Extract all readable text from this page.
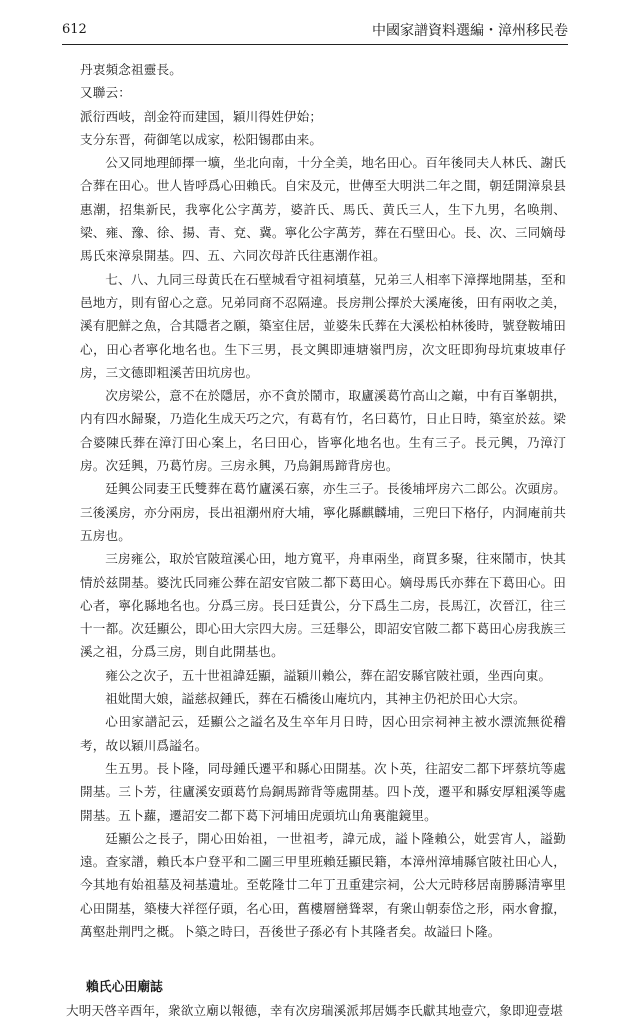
612	中國家譜資料選編・漳州移民卷

丹衷頻念祖靈長。

又聯云：

派衍西岐，剖金符而建国，穎川得姓伊始；

支分东晋，荷御笔以成家，松阳锡郡由来。

公又同地理師擇一壙，坐北向南，十分全美，地名田心。百年後同夫人林氏、謝氏合葬在田心。世人皆呼爲心田賴氏。自宋及元，世傳至大明洪二年之間，朝廷開漳泉县惠潮，招集新民，我寧化公字萬芳，婆許氏、馬氏、黄氏三人，生下九男，名唤荆、梁、雍、豫、徐、揚、青、兗、冀。寧化公字萬芳，葬在石壁田心。長、次、三同嫡母馬氏來漳泉開基。四、五、六同次母許氏往惠潮作祖。

七、八、九同三母黄氏在石壁城看守祖祠墳墓，兄弟三人相率下漳擇地開基，至和邑地方，則有留心之意。兄弟同商不忍隔違。長房荆公擇於大溪庵後，田有兩收之美，溪有肥鮮之魚，合其隱者之願，築室住居，並婆朱氏葬在大溪松柏林後時，號登鞍埔田心，田心者寧化地名也。生下三男，長文興即連塘嶺門房，次文旺即狗母坑東坡車仔房，三文德即粗溪苦田坑房也。

次房梁公，意不在於隱居，亦不貪於鬧市，取廬溪葛竹高山之巔，中有百峯朝拱，内有四水歸聚，乃造化生成天巧之穴，有葛有竹，名曰葛竹，日止日時，築室於兹。梁合婆陳氏葬在漳汀田心案上，名曰田心，皆寧化地名也。生有三子。長元興，乃漳汀房。次廷興，乃葛竹房。三房永興，乃烏銅馬蹄背房也。

廷興公同妻王氏雙葬在葛竹廬溪石寨，亦生三子。長後埔坪房六二郎公。次頭房。三後溪房，亦分兩房，長出祖潮州府大埔，寧化縣麒麟埔，三兜曰下格仔，内洞庵前共五房也。

三房雍公，取於官陂瑄溪心田，地方寬平，舟車兩坐，商買多聚，往來鬧市，快其情於兹開基。婆沈氏同雍公葬在詔安官陂二都下葛田心。嫡母馬氏亦葬在下葛田心。田心者，寧化縣地名也。分爲三房。長曰廷貴公，分下爲生二房，長馬江，次晉江，往三十一都。次廷顯公，即心田大宗四大房。三廷舉公，即詔安官陂二都下葛田心房我族三溪之祖，分爲三房，則自此開基也。

雍公之次子，五十世祖諱廷顯，謚穎川賴公，葬在詔安縣官陂社頭，坐西向東。

祖妣閏大娘，謚慈叔鍾氏，葬在石橋後山庵坑内，其神主仍祀於田心大宗。

心田家譜記云，廷顯公之謚名及生卒年月日時，因心田宗祠神主被水漂流無從稽考，故以穎川爲謚名。

生五男。長卜隆，同母鍾氏遷平和縣心田開基。次卜英，往詔安二都下坪蔡坑等處開基。三卜芳，往廬溪安頭葛竹烏銅馬蹄背等處開基。四卜茂，遷平和縣安厚粗溪等處開基。五卜蘿，遷詔安二都下葛下河埔田虎頭坑山角裏龍鏡里。

廷顯公之長子，開心田始祖，一世祖考，諱元成，謚卜隆賴公，妣雲宵人，謚勤遠。查家譜，賴氏本户登平和二圖三甲里班賴廷顯民籍，本漳州漳埔縣官陂社田心人，今其地有始祖墓及祠基遺址。至乾隆廿二年丁丑重建宗祠，公大元時移居南勝縣清寧里心田開基，築棲大祥徑仔頭，名心田，舊樓層巒聳翠，有衆山朝泰岱之形，兩水會攛，萬壑赴荆門之概。卜築之時曰，吾後世子孫必有卜其隆者矣。故謚曰卜隆。

賴氏心田廟誌

大明天啓辛酉年，衆欲立廟以報德，幸有次房瑞溪派邦居媽李氏獻其地壹穴，象即迎壹堪
